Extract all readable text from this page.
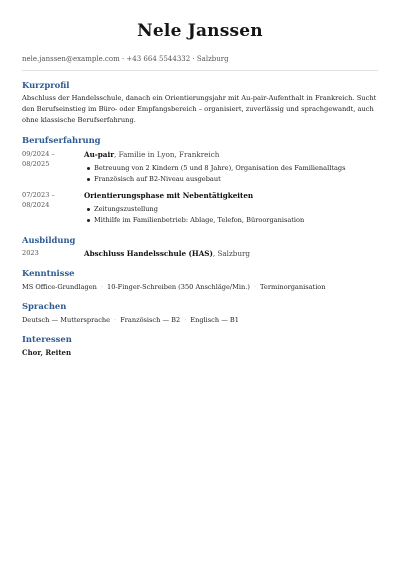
Nele Janssen
nele.janssen@example.com · +43 664 5544332 · Salzburg
Kurzprofil
Abschluss der Handelsschule, danach ein Orientierungsjahr mit Au-pair-Aufenthalt in Frankreich. Sucht den Berufseinstieg im Büro- oder Empfangsbereich – organisiert, zuverlässig und sprachgewandt, auch ohne klassische Berufserfahrung.
Berufserfahrung
09/2024 –
08/2025
Au-pair, Familie in Lyon, Frankreich
Betreuung von 2 Kindern (5 und 8 Jahre), Organisation des Familienalltags
Französisch auf B2-Niveau ausgebaut
07/2023 –
08/2024
Orientierungsphase mit Nebentätigkeiten
Zeitungszustellung
Mithilfe im Familienbetrieb: Ablage, Telefon, Büroorganisation
Ausbildung
2023	Abschluss Handelsschule (HAS), Salzburg
Kenntnisse
MS Office-Grundlagen · 10-Finger-Schreiben (350 Anschläge/Min.) · Terminorganisation
Sprachen
Deutsch — Muttersprache · Französisch — B2 · Englisch — B1
Interessen
Chor, Reiten
